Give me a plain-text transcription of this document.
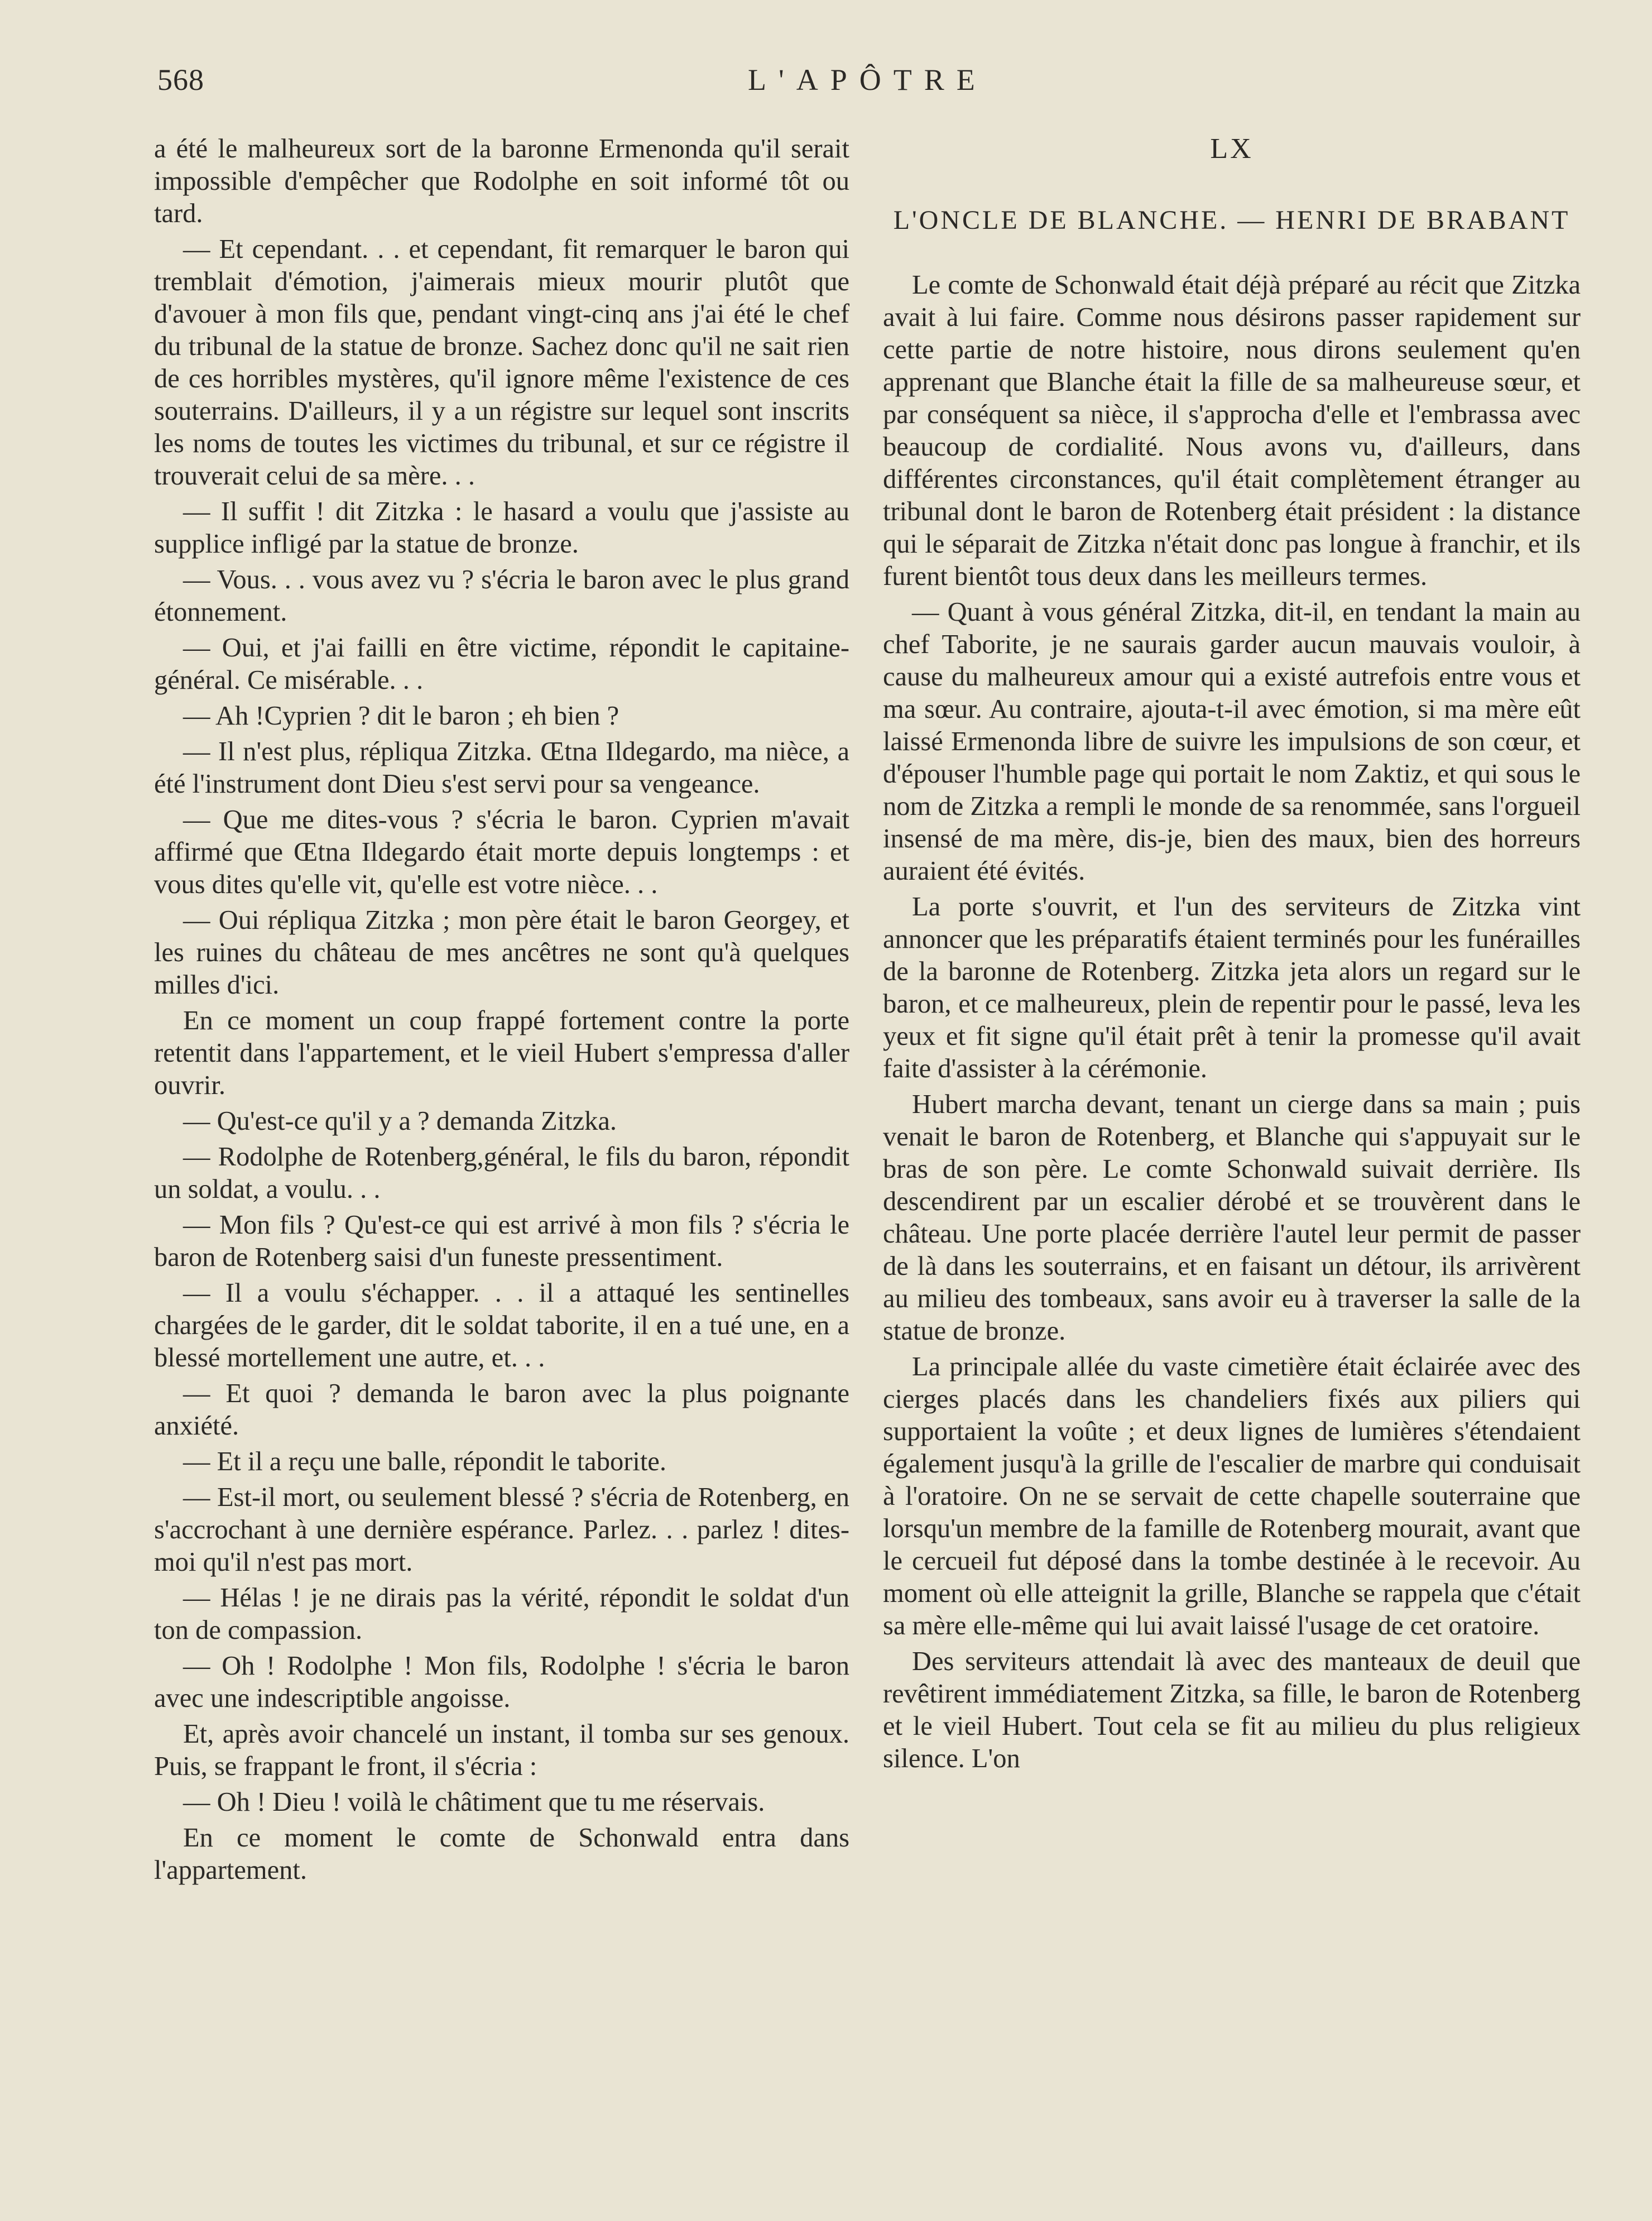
568	L'APÔTRE

a été le malheureux sort de la baronne Ermenonda qu'il serait impossible d'empêcher que Rodolphe en soit informé tôt ou tard.

— Et cependant. . . et cependant, fit remarquer le baron qui tremblait d'émotion, j'aimerais mieux mourir plutôt que d'avouer à mon fils que, pendant vingt-cinq ans j'ai été le chef du tribunal de la statue de bronze. Sachez donc qu'il ne sait rien de ces horribles mystères, qu'il ignore même l'existence de ces souterrains. D'ailleurs, il y a un régistre sur lequel sont inscrits les noms de toutes les victimes du tribunal, et sur ce régistre il trouverait celui de sa mère. . .

— Il suffit ! dit Zitzka : le hasard a voulu que j'assiste au supplice infligé par la statue de bronze.

— Vous. . . vous avez vu ? s'écria le baron avec le plus grand étonnement.

— Oui, et j'ai failli en être victime, répondit le capitaine-général. Ce misérable. . .

— Ah !Cyprien ? dit le baron ; eh bien ?

— Il n'est plus, répliqua Zitzka. Œtna Ildegardo, ma nièce, a été l'instrument dont Dieu s'est servi pour sa vengeance.

— Que me dites-vous ? s'écria le baron. Cyprien m'avait affirmé que Œtna Ildegardo était morte depuis longtemps : et vous dites qu'elle vit, qu'elle est votre nièce. . .

— Oui répliqua Zitzka ; mon père était le baron Georgey, et les ruines du château de mes ancêtres ne sont qu'à quelques milles d'ici.

En ce moment un coup frappé fortement contre la porte retentit dans l'appartement, et le vieil Hubert s'empressa d'aller ouvrir.

— Qu'est-ce qu'il y a ? demanda Zitzka.

— Rodolphe de Rotenberg,général, le fils du baron, répondit un soldat, a voulu. . .

— Mon fils ? Qu'est-ce qui est arrivé à mon fils ? s'écria le baron de Rotenberg saisi d'un funeste pressentiment.

— Il a voulu s'échapper. . . il a attaqué les sentinelles chargées de le garder, dit le soldat taborite, il en a tué une, en a blessé mortellement une autre, et. . .

— Et quoi ? demanda le baron avec la plus poignante anxiété.

— Et il a reçu une balle, répondit le taborite.

— Est-il mort, ou seulement blessé ? s'écria de Rotenberg, en s'accrochant à une dernière espérance. Parlez. . . parlez ! dites-moi qu'il n'est pas mort.

— Hélas ! je ne dirais pas la vérité, répondit le soldat d'un ton de compassion.

— Oh ! Rodolphe ! Mon fils, Rodolphe ! s'écria le baron avec une indescriptible angoisse.

Et, après avoir chancelé un instant, il tomba sur ses genoux. Puis, se frappant le front, il s'écria :

— Oh ! Dieu ! voilà le châtiment que tu me réservais.

En ce moment le comte de Schonwald entra dans l'appartement.

LX
L'ONCLE DE BLANCHE. — HENRI DE BRABANT

Le comte de Schonwald était déjà préparé au récit que Zitzka avait à lui faire. Comme nous désirons passer rapidement sur cette partie de notre histoire, nous dirons seulement qu'en apprenant que Blanche était la fille de sa malheureuse sœur, et par conséquent sa nièce, il s'approcha d'elle et l'embrassa avec beaucoup de cordialité. Nous avons vu, d'ailleurs, dans différentes circonstances, qu'il était complètement étranger au tribunal dont le baron de Rotenberg était président : la distance qui le séparait de Zitzka n'était donc pas longue à franchir, et ils furent bientôt tous deux dans les meilleurs termes.

— Quant à vous général Zitzka, dit-il, en tendant la main au chef Taborite, je ne saurais garder aucun mauvais vouloir, à cause du malheureux amour qui a existé autrefois entre vous et ma sœur. Au contraire, ajouta-t-il avec émotion, si ma mère eût laissé Ermenonda libre de suivre les impulsions de son cœur, et d'épouser l'humble page qui portait le nom Zaktiz, et qui sous le nom de Zitzka a rempli le monde de sa renommée, sans l'orgueil insensé de ma mère, dis-je, bien des maux, bien des horreurs auraient été évités.

La porte s'ouvrit, et l'un des serviteurs de Zitzka vint annoncer que les préparatifs étaient terminés pour les funérailles de la baronne de Rotenberg. Zitzka jeta alors un regard sur le baron, et ce malheureux, plein de repentir pour le passé, leva les yeux et fit signe qu'il était prêt à tenir la promesse qu'il avait faite d'assister à la cérémonie.

Hubert marcha devant, tenant un cierge dans sa main ; puis venait le baron de Rotenberg, et Blanche qui s'appuyait sur le bras de son père. Le comte Schonwald suivait derrière. Ils descendirent par un escalier dérobé et se trouvèrent dans le château. Une porte placée derrière l'autel leur permit de passer de là dans les souterrains, et en faisant un détour, ils arrivèrent au milieu des tombeaux, sans avoir eu à traverser la salle de la statue de bronze.

La principale allée du vaste cimetière était éclairée avec des cierges placés dans les chandeliers fixés aux piliers qui supportaient la voûte ; et deux lignes de lumières s'étendaient également jusqu'à la grille de l'escalier de marbre qui conduisait à l'oratoire. On ne se servait de cette chapelle souterraine que lorsqu'un membre de la famille de Rotenberg mourait, avant que le cercueil fut déposé dans la tombe destinée à le recevoir. Au moment où elle atteignit la grille, Blanche se rappela que c'était sa mère elle-même qui lui avait laissé l'usage de cet oratoire.

Des serviteurs attendait là avec des manteaux de deuil que revêtirent immédiatement Zitzka, sa fille, le baron de Rotenberg et le vieil Hubert. Tout cela se fit au milieu du plus religieux silence. L'on
